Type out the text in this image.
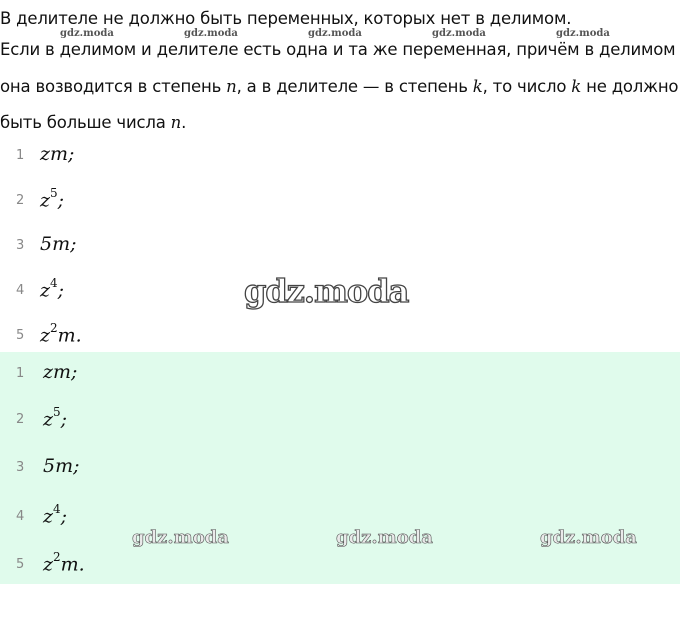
В делителе не должно быть переменных, которых нет в делимом.

Если в делимом и делителе есть одна и та же переменная, причём в делимом

она возводится в степень n, а в делителе — в степень k, то число k не должно

быть больше числа n.

gdz.moda	gdz.moda	gdz.moda	gdz.moda	gdz.moda
1 zm;
2 $z^5$;
3 5m;
4 $z^4$;
5 $z^2m$.
gdz.moda
1 zm;
2 $z^5$;
3 5m;
4 $z^4$;
5 $z^2m$.
gdz.moda	gdz.moda	gdz.moda
